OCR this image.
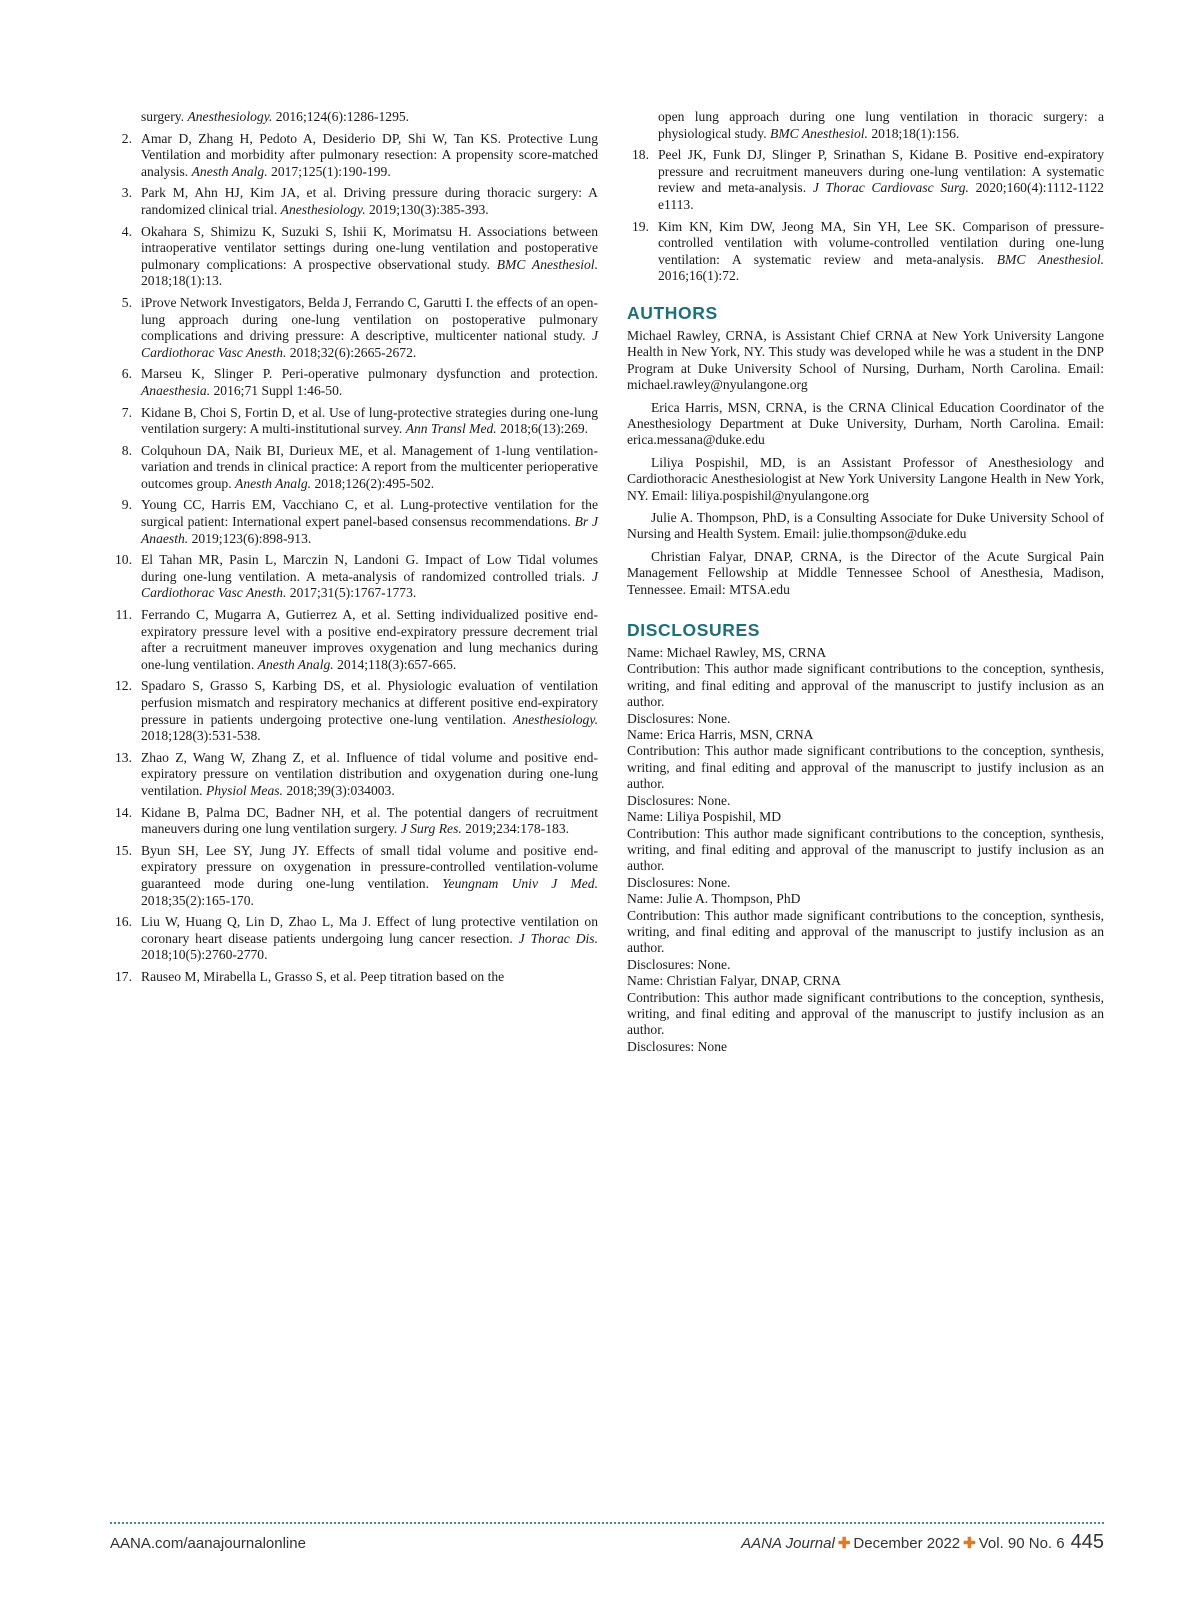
surgery. Anesthesiology. 2016;124(6):1286-1295.
2. Amar D, Zhang H, Pedoto A, Desiderio DP, Shi W, Tan KS. Protective Lung Ventilation and morbidity after pulmonary resection: A propensity score-matched analysis. Anesth Analg. 2017;125(1):190-199.
3. Park M, Ahn HJ, Kim JA, et al. Driving pressure during thoracic surgery: A randomized clinical trial. Anesthesiology. 2019;130(3):385-393.
4. Okahara S, Shimizu K, Suzuki S, Ishii K, Morimatsu H. Associations between intraoperative ventilator settings during one-lung ventilation and postoperative pulmonary complications: A prospective observational study. BMC Anesthesiol. 2018;18(1):13.
5. iProve Network Investigators, Belda J, Ferrando C, Garutti I. the effects of an open-lung approach during one-lung ventilation on postoperative pulmonary complications and driving pressure: A descriptive, multicenter national study. J Cardiothorac Vasc Anesth. 2018;32(6):2665-2672.
6. Marseu K, Slinger P. Peri-operative pulmonary dysfunction and protection. Anaesthesia. 2016;71 Suppl 1:46-50.
7. Kidane B, Choi S, Fortin D, et al. Use of lung-protective strategies during one-lung ventilation surgery: A multi-institutional survey. Ann Transl Med. 2018;6(13):269.
8. Colquhoun DA, Naik BI, Durieux ME, et al. Management of 1-lung ventilation-variation and trends in clinical practice: A report from the multicenter perioperative outcomes group. Anesth Analg. 2018;126(2):495-502.
9. Young CC, Harris EM, Vacchiano C, et al. Lung-protective ventilation for the surgical patient: International expert panel-based consensus recommendations. Br J Anaesth. 2019;123(6):898-913.
10. El Tahan MR, Pasin L, Marczin N, Landoni G. Impact of Low Tidal volumes during one-lung ventilation. A meta-analysis of randomized controlled trials. J Cardiothorac Vasc Anesth. 2017;31(5):1767-1773.
11. Ferrando C, Mugarra A, Gutierrez A, et al. Setting individualized positive end-expiratory pressure level with a positive end-expiratory pressure decrement trial after a recruitment maneuver improves oxygenation and lung mechanics during one-lung ventilation. Anesth Analg. 2014;118(3):657-665.
12. Spadaro S, Grasso S, Karbing DS, et al. Physiologic evaluation of ventilation perfusion mismatch and respiratory mechanics at different positive end-expiratory pressure in patients undergoing protective one-lung ventilation. Anesthesiology. 2018;128(3):531-538.
13. Zhao Z, Wang W, Zhang Z, et al. Influence of tidal volume and positive end-expiratory pressure on ventilation distribution and oxygenation during one-lung ventilation. Physiol Meas. 2018;39(3):034003.
14. Kidane B, Palma DC, Badner NH, et al. The potential dangers of recruitment maneuvers during one lung ventilation surgery. J Surg Res. 2019;234:178-183.
15. Byun SH, Lee SY, Jung JY. Effects of small tidal volume and positive end-expiratory pressure on oxygenation in pressure-controlled ventilation-volume guaranteed mode during one-lung ventilation. Yeungnam Univ J Med. 2018;35(2):165-170.
16. Liu W, Huang Q, Lin D, Zhao L, Ma J. Effect of lung protective ventilation on coronary heart disease patients undergoing lung cancer resection. J Thorac Dis. 2018;10(5):2760-2770.
17. Rauseo M, Mirabella L, Grasso S, et al. Peep titration based on the
open lung approach during one lung ventilation in thoracic surgery: a physiological study. BMC Anesthesiol. 2018;18(1):156.
18. Peel JK, Funk DJ, Slinger P, Srinathan S, Kidane B. Positive end-expiratory pressure and recruitment maneuvers during one-lung ventilation: A systematic review and meta-analysis. J Thorac Cardiovasc Surg. 2020;160(4):1112-1122 e1113.
19. Kim KN, Kim DW, Jeong MA, Sin YH, Lee SK. Comparison of pressure-controlled ventilation with volume-controlled ventilation during one-lung ventilation: A systematic review and meta-analysis. BMC Anesthesiol. 2016;16(1):72.
AUTHORS

Michael Rawley, CRNA, is Assistant Chief CRNA at New York University Langone Health in New York, NY. This study was developed while he was a student in the DNP Program at Duke University School of Nursing, Durham, North Carolina. Email: michael.rawley@nyulangone.org

Erica Harris, MSN, CRNA, is the CRNA Clinical Education Coordinator of the Anesthesiology Department at Duke University, Durham, North Carolina. Email: erica.messana@duke.edu

Liliya Pospishil, MD, is an Assistant Professor of Anesthesiology and Cardiothoracic Anesthesiologist at New York University Langone Health in New York, NY. Email: liliya.pospishil@nyulangone.org

Julie A. Thompson, PhD, is a Consulting Associate for Duke University School of Nursing and Health System. Email: julie.thompson@duke.edu

Christian Falyar, DNAP, CRNA, is the Director of the Acute Surgical Pain Management Fellowship at Middle Tennessee School of Anesthesia, Madison, Tennessee. Email: MTSA.edu

DISCLOSURES
Name: Michael Rawley, MS, CRNA
Contribution: This author made significant contributions to the conception, synthesis, writing, and final editing and approval of the manuscript to justify inclusion as an author.
Disclosures: None.
Name: Erica Harris, MSN, CRNA
Contribution: This author made significant contributions to the conception, synthesis, writing, and final editing and approval of the manuscript to justify inclusion as an author.
Disclosures: None.
Name: Liliya Pospishil, MD
Contribution: This author made significant contributions to the conception, synthesis, writing, and final editing and approval of the manuscript to justify inclusion as an author.
Disclosures: None.
Name: Julie A. Thompson, PhD
Contribution: This author made significant contributions to the conception, synthesis, writing, and final editing and approval of the manuscript to justify inclusion as an author.
Disclosures: None.
Name: Christian Falyar, DNAP, CRNA
Contribution: This author made significant contributions to the conception, synthesis, writing, and final editing and approval of the manuscript to justify inclusion as an author.
Disclosures: None
AANA.com/aanajournalonline	AANA Journal ✚ December 2022 ✚ Vol. 90 No. 6 445
